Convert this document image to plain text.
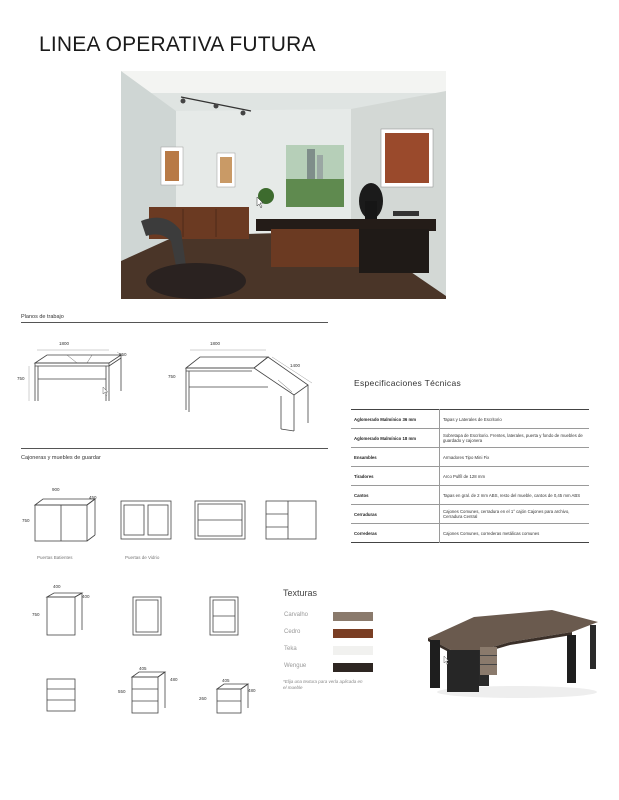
LINEA OPERATIVA FUTURA
Planos de trabajo
1800
850
750
1800
1400
750
Cajoneras y muebles de guardar
900
450
750
Puertas Batientes	Puertas de Vidrio
400
400
750
405
480
550
405
480
260
Especificaciones Técnicas
Aglomerado Malmínico 36 mm	Tapas y Laterales de Escritorio
Aglomerado Malmínico 18 mm	Sobretapa de Escritorio. Frentes, laterales, puerta y fondo de muebles de guardado y cajonera
Ensambles	Armadores Tipo Mini Fix
Tiradores	Arco Pulfil de 128 mm
Cantos	Tapas en gral. de 2 mm ABS, resto del mueble, cantos de 0,45 mm ABS
Cerraduras	Cajones Comunes, cerradura en el 1° cajón Cajones para archivo, Cerradura Central
Correderas	Cajones Comunes, correderas metálicas comunes
Texturas
Carvalho
Cedro
Teka
Wengue
*Elija una textura para verla aplicada en el mueble
